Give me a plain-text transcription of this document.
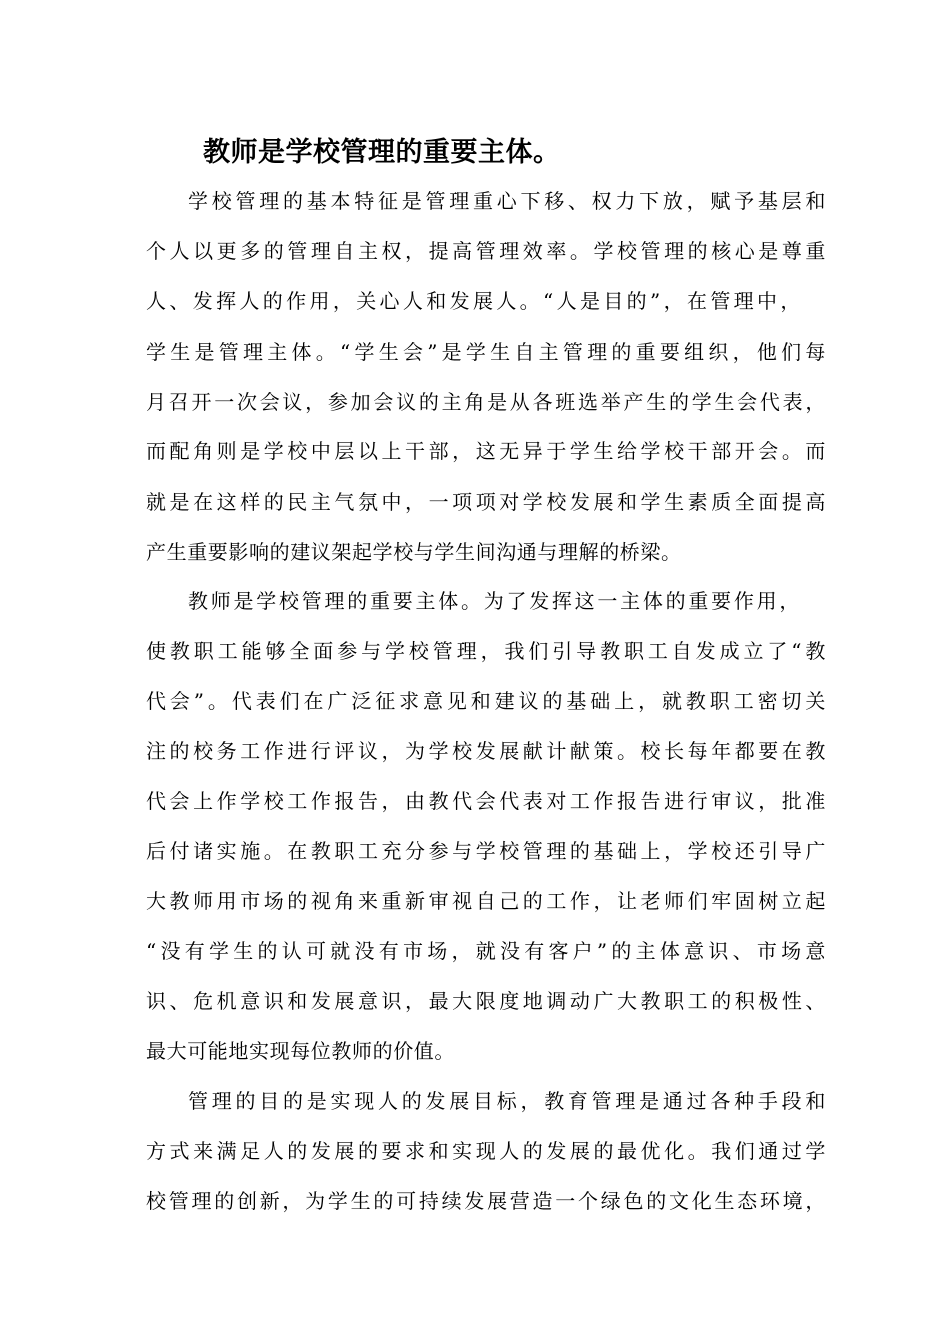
教师是学校管理的重要主体。
学校管理的基本特征是管理重心下移、权力下放，赋予基层和
个人以更多的管理自主权，提高管理效率。学校管理的核心是尊重
人、发挥人的作用，关心人和发展人。“人是目的”，在管理中，
学生是管理主体。“学生会”是学生自主管理的重要组织，他们每
月召开一次会议，参加会议的主角是从各班选举产生的学生会代表，
而配角则是学校中层以上干部，这无异于学生给学校干部开会。而
就是在这样的民主气氛中，一项项对学校发展和学生素质全面提高
产生重要影响的建议架起学校与学生间沟通与理解的桥梁。
教师是学校管理的重要主体。为了发挥这一主体的重要作用，
使教职工能够全面参与学校管理，我们引导教职工自发成立了“教
代会”。代表们在广泛征求意见和建议的基础上，就教职工密切关
注的校务工作进行评议，为学校发展献计献策。校长每年都要在教
代会上作学校工作报告，由教代会代表对工作报告进行审议，批准
后付诸实施。在教职工充分参与学校管理的基础上，学校还引导广
大教师用市场的视角来重新审视自己的工作，让老师们牢固树立起
“没有学生的认可就没有市场，就没有客户”的主体意识、市场意
识、危机意识和发展意识，最大限度地调动广大教职工的积极性、
最大可能地实现每位教师的价值。
管理的目的是实现人的发展目标，教育管理是通过各种手段和
方式来满足人的发展的要求和实现人的发展的最优化。我们通过学
校管理的创新，为学生的可持续发展营造一个绿色的文化生态环境，
